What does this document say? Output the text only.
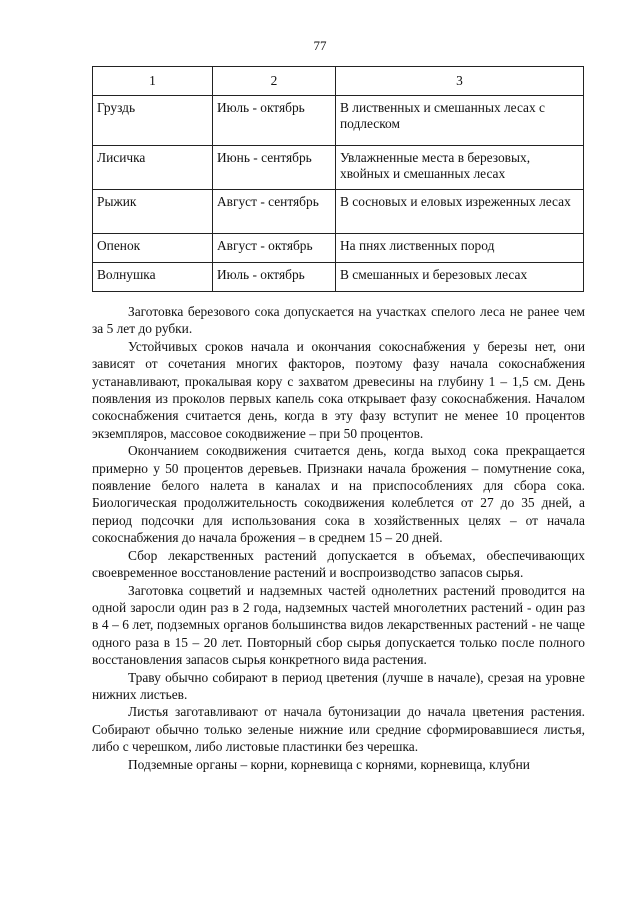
77
1	2	3
Груздь	Июль - октябрь	В лиственных и смешанных лесах с подлеском
Лисичка	Июнь - сентябрь	Увлажненные места в березовых, хвойных и смешанных лесах
Рыжик	Август - сентябрь	В сосновых и еловых изреженных лесах
Опенок	Август - октябрь	На пнях лиственных пород
Волнушка	Июль - октябрь	В смешанных и березовых лесах

Заготовка березового сока допускается на участках спелого леса не ранее чем за 5 лет до рубки.

Устойчивых сроков начала и окончания сокоснабжения у березы нет, они зависят от сочетания многих факторов, поэтому фазу начала сокоснабжения устанавливают, прокалывая кору с захватом древесины на глубину 1 – 1,5 см. День появления из проколов первых капель сока открывает фазу сокоснабжения. Началом сокоснабжения считается день, когда в эту фазу вступит не менее 10 процентов экземпляров, массовое сокодвижение – при 50 процентов.

Окончанием сокодвижения считается день, когда выход сока прекращается примерно у 50 процентов деревьев. Признаки начала брожения – помутнение сока, появление белого налета в каналах и на приспособлениях для сбора сока. Биологическая продолжительность сокодвижения колеблется от 27 до 35 дней, а период подсочки для использования сока в хозяйственных целях – от начала сокоснабжения до начала брожения – в среднем 15 – 20 дней.

Сбор лекарственных растений допускается в объемах, обеспечивающих своевременное восстановление растений и воспроизводство запасов сырья.

Заготовка соцветий и надземных частей однолетних растений проводится на одной заросли один раз в 2 года, надземных частей многолетних растений - один раз в 4 – 6 лет, подземных органов большинства видов лекарственных растений - не чаще одного раза в 15 – 20 лет. Повторный сбор сырья допускается только после полного восстановления запасов сырья конкретного вида растения.

Траву обычно собирают в период цветения (лучше в начале), срезая на уровне нижних листьев.

Листья заготавливают от начала бутонизации до начала цветения растения. Собирают обычно только зеленые нижние или средние сформировавшиеся листья, либо с черешком, либо листовые пластинки без черешка.

Подземные органы – корни, корневища с корнями, корневища, клубни
